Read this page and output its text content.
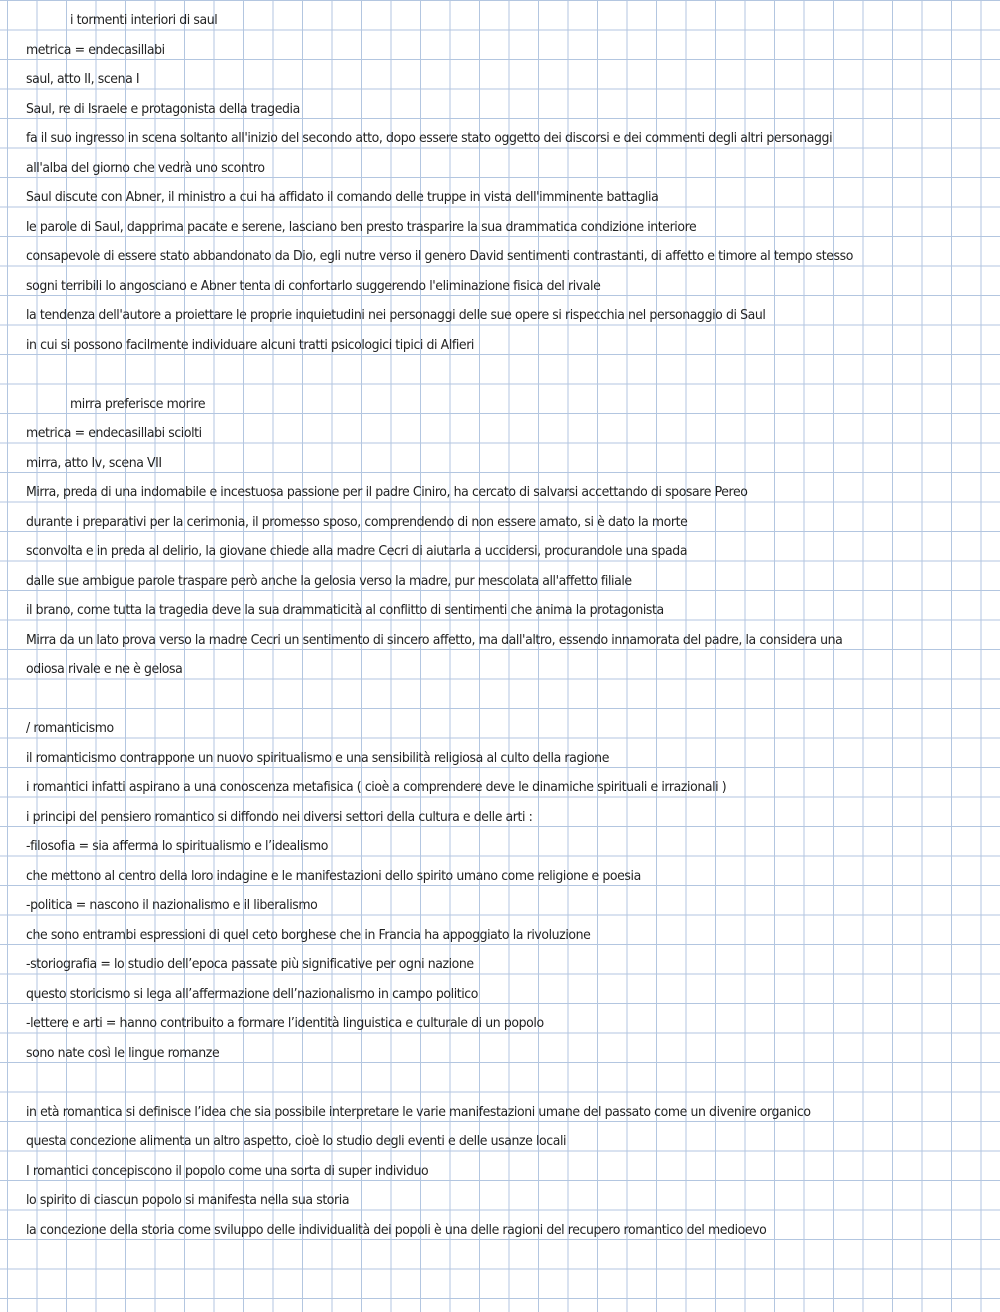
i tormenti interiori di saul
metrica = endecasillabi
saul, atto II, scena I
Saul, re di Israele e protagonista della tragedia
fa il suo ingresso in scena soltanto all'inizio del secondo atto, dopo essere stato oggetto dei discorsi e dei commenti degli altri personaggi
all'alba del giorno che vedrà uno scontro
Saul discute con Abner, il ministro a cui ha affidato il comando delle truppe in vista dell'imminente battaglia
le parole di Saul, dapprima pacate e serene, lasciano ben presto trasparire la sua drammatica condizione interiore
consapevole di essere stato abbandonato da Dio, egli nutre verso il genero David sentimenti contrastanti, di affetto e timore al tempo stesso
sogni terribili lo angosciano e Abner tenta di confortarlo suggerendo l'eliminazione fisica del rivale
la tendenza dell'autore a proiettare le proprie inquietudini nei personaggi delle sue opere si rispecchia nel personaggio di Saul
in cui si possono facilmente individuare alcuni tratti psicologici tipici di Alfieri
mirra preferisce morire
metrica = endecasillabi sciolti
mirra, atto Iv, scena VII
Mirra, preda di una indomabile e incestuosa passione per il padre Ciniro, ha cercato di salvarsi accettando di sposare Pereo
durante i preparativi per la cerimonia, il promesso sposo, comprendendo di non essere amato, si è dato la morte
sconvolta e in preda al delirio, la giovane chiede alla madre Cecri di aiutarla a uccidersi, procurandole una spada
dalle sue ambigue parole traspare però anche la gelosia verso la madre, pur mescolata all'affetto filiale
il brano, come tutta la tragedia deve la sua drammaticità al conflitto di sentimenti che anima la protagonista
Mirra da un lato prova verso la madre Cecri un sentimento di sincero affetto, ma dall'altro, essendo innamorata del padre, la considera una
odiosa rivale e ne è gelosa
/ romanticismo
il romanticismo contrappone un nuovo spiritualismo e una sensibilità religiosa al culto della ragione
i romantici infatti aspirano a una conoscenza metafisica ( cioè a comprendere deve le dinamiche spirituali e irrazionali )
i principi del pensiero romantico si diffondo nei diversi settori della cultura e delle arti :
-filosofia = sia afferma lo spiritualismo e l’idealismo
che mettono al centro della loro indagine e le manifestazioni dello spirito umano come religione e poesia
-politica = nascono il nazionalismo e il liberalismo
che sono entrambi espressioni di quel ceto borghese che in Francia ha appoggiato la rivoluzione
-storiografia = lo studio dell’epoca passate più significative per ogni nazione
questo storicismo si lega all’affermazione dell’nazionalismo in campo politico
-lettere e arti = hanno contribuito a formare l’identità linguistica e culturale di un popolo
sono nate così le lingue romanze
in età romantica si definisce l’idea che sia possibile interpretare le varie manifestazioni umane del passato come un divenire organico
questa concezione alimenta un altro aspetto, cioè lo studio degli eventi e delle usanze locali
I romantici concepiscono il popolo come una sorta di super individuo
lo spirito di ciascun popolo si manifesta nella sua storia
la concezione della storia come sviluppo delle individualità dei popoli è una delle ragioni del recupero romantico del medioevo
